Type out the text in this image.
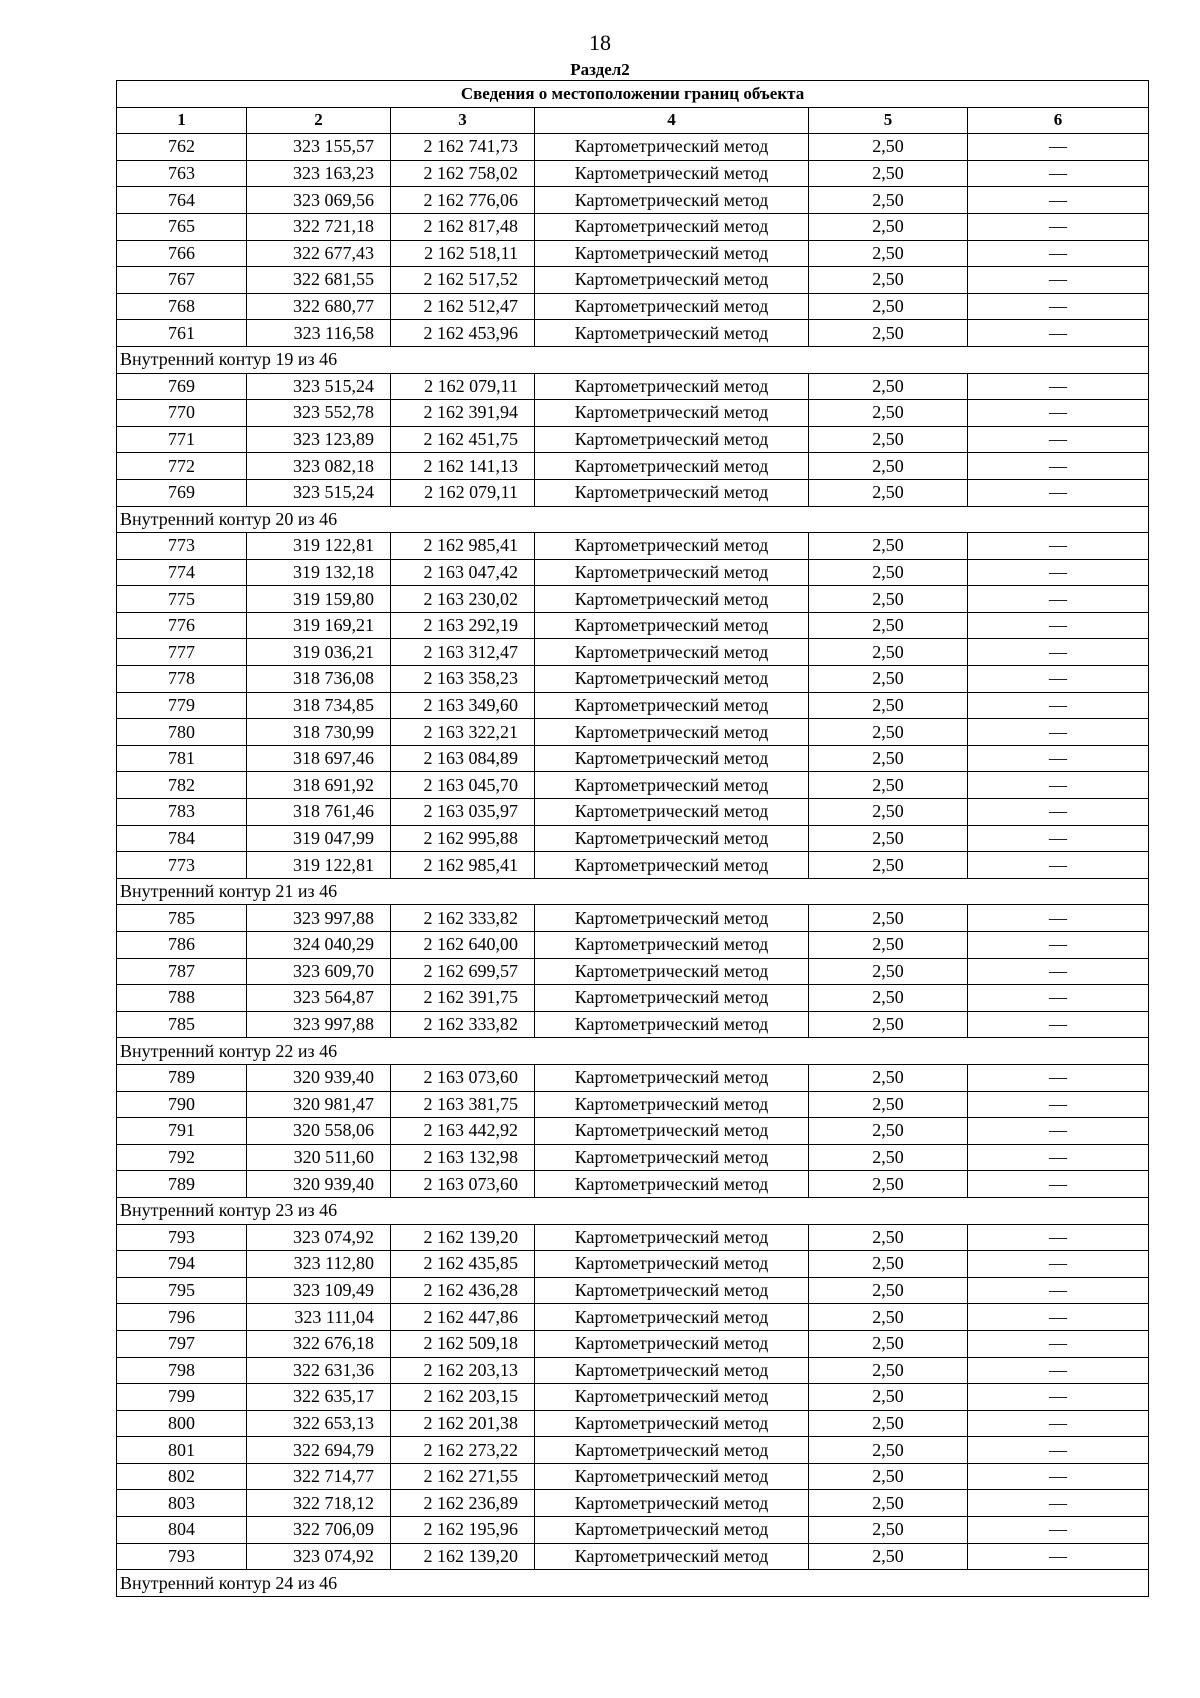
18
Раздел2
Сведения о местоположении границ объекта					
1	2	3	4	5	6
762	323 155,57	2 162 741,73	Картометрический метод	2,50	—
763	323 163,23	2 162 758,02	Картометрический метод	2,50	—
764	323 069,56	2 162 776,06	Картометрический метод	2,50	—
765	322 721,18	2 162 817,48	Картометрический метод	2,50	—
766	322 677,43	2 162 518,11	Картометрический метод	2,50	—
767	322 681,55	2 162 517,52	Картометрический метод	2,50	—
768	322 680,77	2 162 512,47	Картометрический метод	2,50	—
761	323 116,58	2 162 453,96	Картометрический метод	2,50	—
Внутренний контур 19 из 46					
769	323 515,24	2 162 079,11	Картометрический метод	2,50	—
770	323 552,78	2 162 391,94	Картометрический метод	2,50	—
771	323 123,89	2 162 451,75	Картометрический метод	2,50	—
772	323 082,18	2 162 141,13	Картометрический метод	2,50	—
769	323 515,24	2 162 079,11	Картометрический метод	2,50	—
Внутренний контур 20 из 46					
773	319 122,81	2 162 985,41	Картометрический метод	2,50	—
774	319 132,18	2 163 047,42	Картометрический метод	2,50	—
775	319 159,80	2 163 230,02	Картометрический метод	2,50	—
776	319 169,21	2 163 292,19	Картометрический метод	2,50	—
777	319 036,21	2 163 312,47	Картометрический метод	2,50	—
778	318 736,08	2 163 358,23	Картометрический метод	2,50	—
779	318 734,85	2 163 349,60	Картометрический метод	2,50	—
780	318 730,99	2 163 322,21	Картометрический метод	2,50	—
781	318 697,46	2 163 084,89	Картометрический метод	2,50	—
782	318 691,92	2 163 045,70	Картометрический метод	2,50	—
783	318 761,46	2 163 035,97	Картометрический метод	2,50	—
784	319 047,99	2 162 995,88	Картометрический метод	2,50	—
773	319 122,81	2 162 985,41	Картометрический метод	2,50	—
Внутренний контур 21 из 46					
785	323 997,88	2 162 333,82	Картометрический метод	2,50	—
786	324 040,29	2 162 640,00	Картометрический метод	2,50	—
787	323 609,70	2 162 699,57	Картометрический метод	2,50	—
788	323 564,87	2 162 391,75	Картометрический метод	2,50	—
785	323 997,88	2 162 333,82	Картометрический метод	2,50	—
Внутренний контур 22 из 46					
789	320 939,40	2 163 073,60	Картометрический метод	2,50	—
790	320 981,47	2 163 381,75	Картометрический метод	2,50	—
791	320 558,06	2 163 442,92	Картометрический метод	2,50	—
792	320 511,60	2 163 132,98	Картометрический метод	2,50	—
789	320 939,40	2 163 073,60	Картометрический метод	2,50	—
Внутренний контур 23 из 46					
793	323 074,92	2 162 139,20	Картометрический метод	2,50	—
794	323 112,80	2 162 435,85	Картометрический метод	2,50	—
795	323 109,49	2 162 436,28	Картометрический метод	2,50	—
796	323 111,04	2 162 447,86	Картометрический метод	2,50	—
797	322 676,18	2 162 509,18	Картометрический метод	2,50	—
798	322 631,36	2 162 203,13	Картометрический метод	2,50	—
799	322 635,17	2 162 203,15	Картометрический метод	2,50	—
800	322 653,13	2 162 201,38	Картометрический метод	2,50	—
801	322 694,79	2 162 273,22	Картометрический метод	2,50	—
802	322 714,77	2 162 271,55	Картометрический метод	2,50	—
803	322 718,12	2 162 236,89	Картометрический метод	2,50	—
804	322 706,09	2 162 195,96	Картометрический метод	2,50	—
793	323 074,92	2 162 139,20	Картометрический метод	2,50	—
Внутренний контур 24 из 46					
